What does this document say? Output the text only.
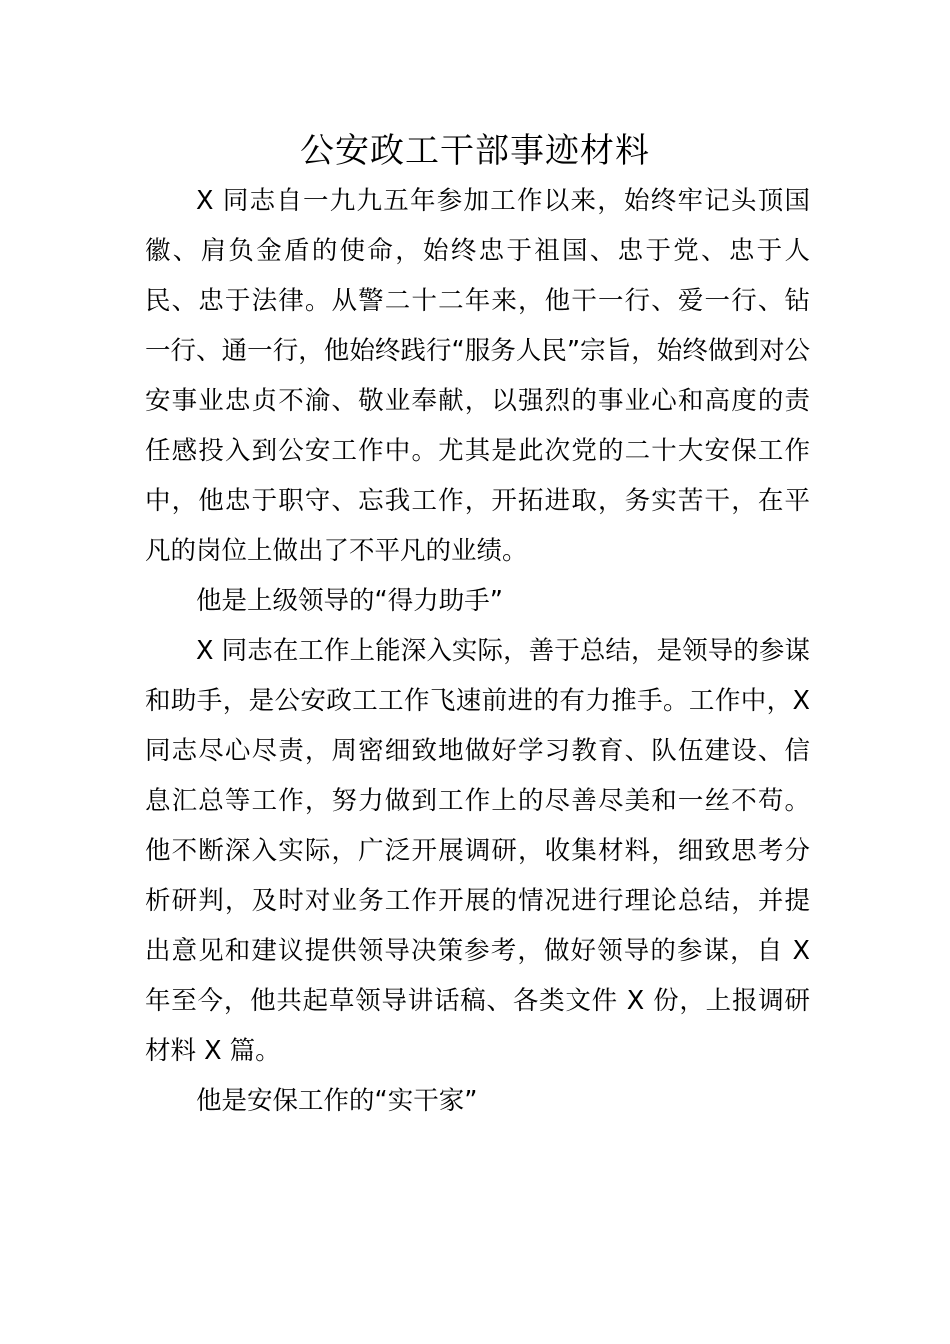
公安政工干部事迹材料

X 同志自一九九五年参加工作以来，始终牢记头顶国

徽、肩负金盾的使命，始终忠于祖国、忠于党、忠于人

民、忠于法律。从警二十二年来，他干一行、爱一行、钻

一行、通一行，他始终践行“服务人民”宗旨，始终做到对公

安事业忠贞不渝、敬业奉献，以强烈的事业心和高度的责

任感投入到公安工作中。尤其是此次党的二十大安保工作

中，他忠于职守、忘我工作，开拓进取，务实苦干，在平

凡的岗位上做出了不平凡的业绩。

他是上级领导的“得力助手”

X 同志在工作上能深入实际，善于总结，是领导的参谋

和助手，是公安政工工作飞速前进的有力推手。工作中，X

同志尽心尽责，周密细致地做好学习教育、队伍建设、信

息汇总等工作，努力做到工作上的尽善尽美和一丝不苟。

他不断深入实际，广泛开展调研，收集材料，细致思考分

析研判，及时对业务工作开展的情况进行理论总结，并提

出意见和建议提供领导决策参考，做好领导的参谋，自 X

年至今，他共起草领导讲话稿、各类文件 X 份，上报调研

材料 X 篇。

他是安保工作的“实干家”
